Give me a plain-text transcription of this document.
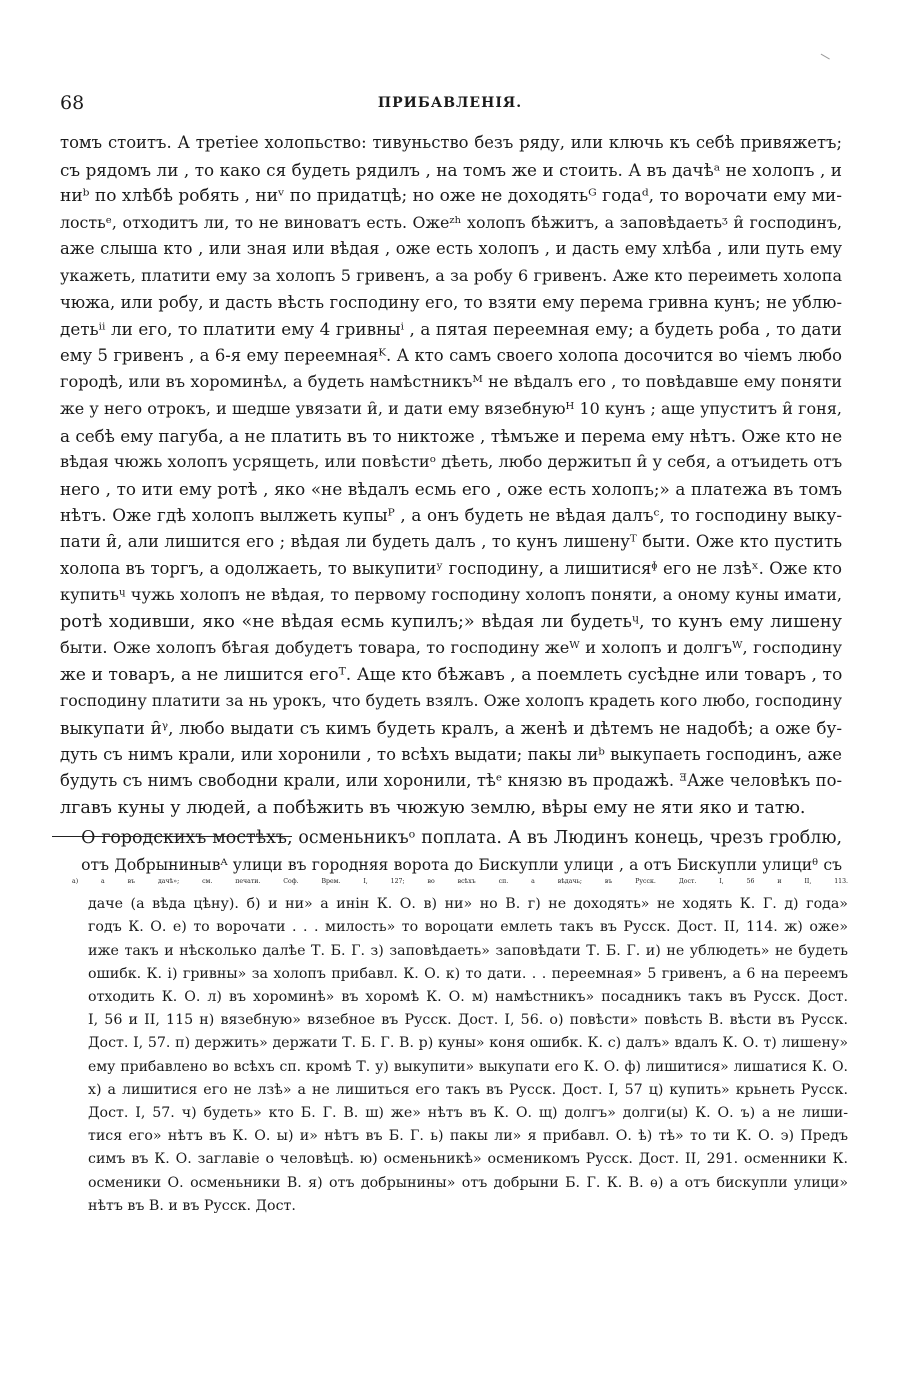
68	ПРИБАВЛЕНІЯ.

томъ стоитъ. А третіее холопьство: тивуньство безъ ряду, или ключь къ себѣ привяжетъ;
съ рядомъ ли , то како ся будеть рядилъ , на томъ же и стоить. А въ дачѣᵃ не холопъ , и
ниᵇ по хлѣбѣ робять , ниᵛ по придатцѣ; но оже не доходятьᴳ годаᵈ, то ворочати ему ми-
лостьᵉ, отходитъ ли, то не виноватъ есть. Ожеᶻʰ холопъ бѣжитъ, а заповѣдаетьᶾ и̑ господинъ,
аже слыша кто , или зная или вѣдая , оже есть холопъ , и дасть ему хлѣба , или путь ему
укажеть, платити ему за холопъ 5 гривенъ, а за робу 6 гривенъ. Аже кто переиметь холопа
чюжа, или робу, и дасть вѣсть господину его, то взяти ему перема гривна кунъ; не ублю-
детьⁱⁱ ли его, то платити ему 4 гривныⁱ , а пятая переемная ему; а будеть роба , то дати
ему 5 гривенъ , а 6-я ему переемнаяᴷ. А кто самъ своего холопа досочится во чіемъ любо
городѣ, или въ хороминѣᴧ, а будеть намѣстникъᴹ не вѣдалъ его , то повѣдавше ему поняти
же у него отрокъ, и шедше увязати и̑, и дати ему вязебнуюᴴ 10 кунъ ; аще упуститъ и̑ гоня,
а себѣ ему пагуба, а не платить въ то никтоже , тѣмъже и перема ему нѣтъ. Оже кто не
вѣдая чюжь холопъ усрящеть, или повѣстиᵒ дѣеть, любо держитьᴨ и̑ у себя, а отъидеть отъ
него , то ити ему ротѣ , яко «не вѣдалъ есмь его , оже есть холопъ;» а платежа въ томъ
нѣтъ. Оже гдѣ холопъ вылжеть купыᴾ , а онъ будеть не вѣдая далъᶜ, то господину выку-
пати и̑, али лишится его ; вѣдая ли будеть далъ , то кунъ лишенуᵀ быти. Оже кто пустить
холопа въ торгъ, а одолжаеть, то выкупитиʸ господину, а лишитисяᶲ его не лзѣˣ. Оже кто
купитьᶣ чужь холопъ не вѣдая, то первому господину холопъ поняти, а оному куны имати,
ротѣ ходивши, яко «не вѣдая есмь купилъ;» вѣдая ли будетьᶣ, то кунъ ему лишену
быти. Оже холопъ бѣгая добудетъ товара, то господину жеᵂ и холопъ и долгъᵂ, господину
же и товаръ, а не лишится егоᵀ. Аще кто бѣжавъ , а поемлеть сусѣдне или товаръ , то
господину платити за нь урокъ, что будеть взялъ. Оже холопъ крадеть кого любо, господину
выкупати и̑ᵞ, любо выдати съ кимъ будеть кралъ, а женѣ и дѣтемъ не надобѣ; а оже бу-
дуть съ нимъ крали, или хоронили , то всѣхъ выдати; пакы лиᵇ выкупаеть господинъ, аже
будуть съ нимъ свободни крали, или хоронили, тѣᵉ князю въ продажѣ. ᴲАже человѣкъ по-
лгавъ куны у людей, а побѣжить въ чюжую землю, вѣры ему не яти яко и татю.

О городскихъ мостѣхъ, осменьникъᵒ поплата. А въ Людинъ конець, чрезъ гроблю,
отъ Добрынинывᴬ улици въ городняя ворота до Бискупли улици , а отъ Бискупли улициᶿ съ

а) а въ дачѣ»; см. печати. Соф. Врем. І, 127; во всѣхъ сп. а вѣдачь; въ Русск. Дост. І, 56 и ІІ, 113.
даче (а вѣда цѣну). б) и ни» а инін К. О. в) ни» но В. г) не доходять» не ходять К. Г. д) года»
годъ К. О. е) то ворочати . . . милость» то вороцати емлеть такъ въ Русск. Дост. ІІ, 114. ж) оже»
иже такъ и нѣсколько далѣе Т. Б. Г. з) заповѣдаеть» заповѣдати Т. Б. Г. и) не ублюдеть» не будеть
ошибк. К. і) гривны» за холопъ прибавл. К. О. к) то дати. . . переемная» 5 гривенъ, а 6 на переемъ
отходить К. О. л) въ хороминѣ» въ хоромѣ К. О. м) намѣстникъ» посадникъ такъ въ Русск. Дост.
І, 56 и ІІ, 115 н) вязебную» вязебное въ Русск. Дост. І, 56. о) повѣсти» повѣсть В. вѣсти въ Русск.
Дост. І, 57. п) держить» держати Т. Б. Г. В. р) куны» коня ошибк. К. с) далъ» вдалъ К. О. т) лишену»
ему прибавлено во всѣхъ сп. кромѣ Т. у) выкупити» выкупати его К. О. ф) лишитися» лишатися К. О.
х) а лишитися его не лзѣ» а не лишиться его такъ въ Русск. Дост. І, 57 ц) купить» крьнеть Русск.
Дост. І, 57. ч) будеть» кто Б. Г. В. ш) же» нѣтъ въ К. О. щ) долгъ» долги(ы) К. О. ъ) а не лиши-
тися его» нѣтъ въ К. О. ы) и» нѣтъ въ Б. Г. ь) пакы ли» я прибавл. О. ѣ) тѣ» то ти К. О. э) Предъ
симъ въ К. О. заглавіе о человѣцѣ. ю) осменьникѣ» осменикомъ Русск. Дост. ІІ, 291. осменники К.
осменики О. осменьники В. я) отъ добрынины» отъ добрыни Б. Г. К. В. ѳ) а отъ бискупли улици»
нѣтъ въ В. и въ Русск. Дост.
